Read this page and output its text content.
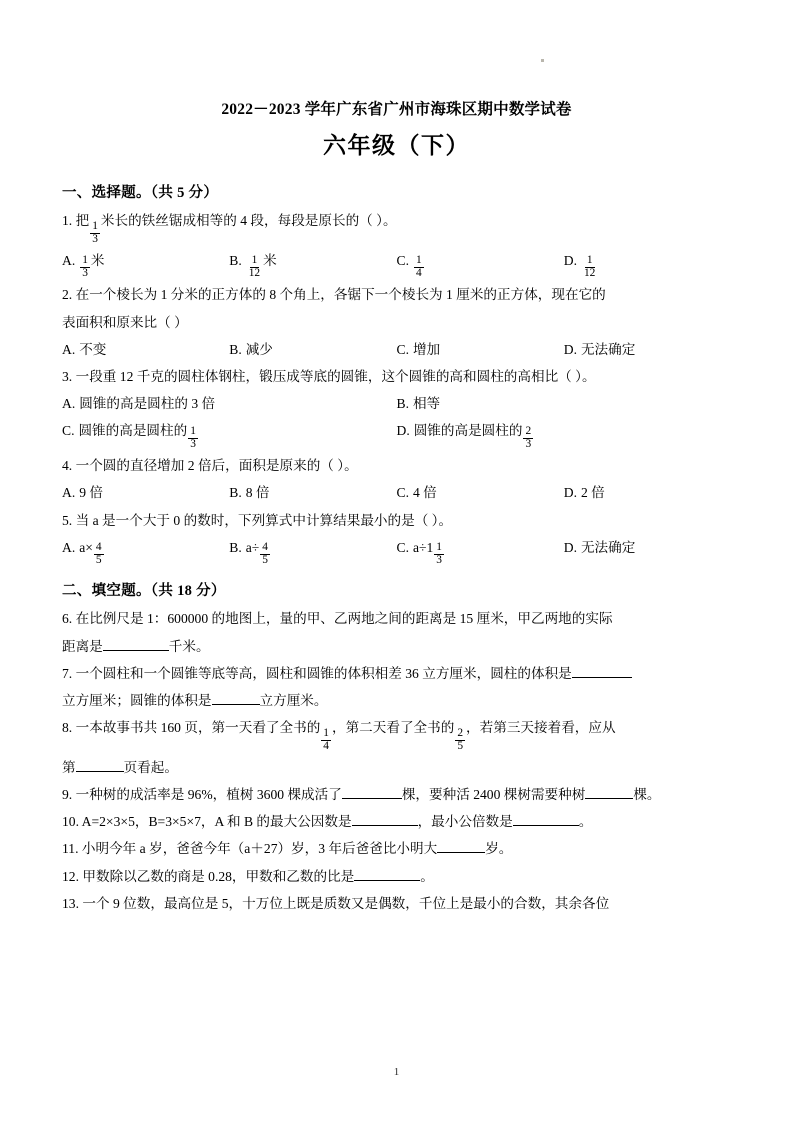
2022－2023 学年广东省广州市海珠区期中数学试卷
六年级（下）
一、选择题。（共 5 分）
1. 把 $\frac{1}{3}$ 米长的铁丝锯成相等的 4 段，每段是原长的（ ）。
A. $\frac{1}{3}$ 米	B. $\frac{1}{12}$ 米	C. $\frac{1}{4}$	D. $\frac{1}{12}$
2. 在一个棱长为 1 分米的正方体的 8 个角上，各锯下一个棱长为 1 厘米的正方体，现在它的
表面积和原来比（ ）
A. 不变	B. 减少	C. 增加	D. 无法确定
3. 一段重 12 千克的圆柱体钢柱，锻压成等底的圆锥，这个圆锥的高和圆柱的高相比（ ）。
A. 圆锥的高是圆柱的 3 倍	B. 相等
C. 圆锥的高是圆柱的 $\frac{1}{3}$	D. 圆锥的高是圆柱的 $\frac{2}{3}$
4. 一个圆的直径增加 2 倍后，面积是原来的（ ）。
A. 9 倍	B. 8 倍	C. 4 倍	D. 2 倍
5. 当 a 是一个大于 0 的数时，下列算式中计算结果最小的是（ ）。
A. $a\times \frac{4}{5}$	B. $a\div \frac{4}{5}$	C. $a\div 1 \frac{1}{3}$	D. 无法确定
二、填空题。（共 18 分）
6. 在比例尺是 1：600000 的地图上，量的甲、乙两地之间的距离是 15 厘米，甲乙两地的实际
距离是	千米。
7. 一个圆柱和一个圆锥等底等高，圆柱和圆锥的体积相差 36 立方厘米，圆柱的体积是
立方厘米；圆锥的体积是	立方厘米。
8. 一本故事书共 160 页，第一天看了全书的 $\frac{1}{4}$ ，第二天看了全书的 $\frac{2}{5}$ ，若第三天接着看，应从
第	页看起。
9. 一种树的成活率是 96%，植树 3600 棵成活了	棵，要种活 2400 棵树需要种树	棵。
10. A=2×3×5，B=3×5×7，A 和 B 的最大公因数是	，最小公倍数是	。
11. 小明今年 a 岁，爸爸今年（a＋27）岁，3 年后爸爸比小明大	岁。
12. 甲数除以乙数的商是 0.28，甲数和乙数的比是	。
13. 一个 9 位数，最高位是 5，十万位上既是质数又是偶数，千位上是最小的合数，其余各位
1
